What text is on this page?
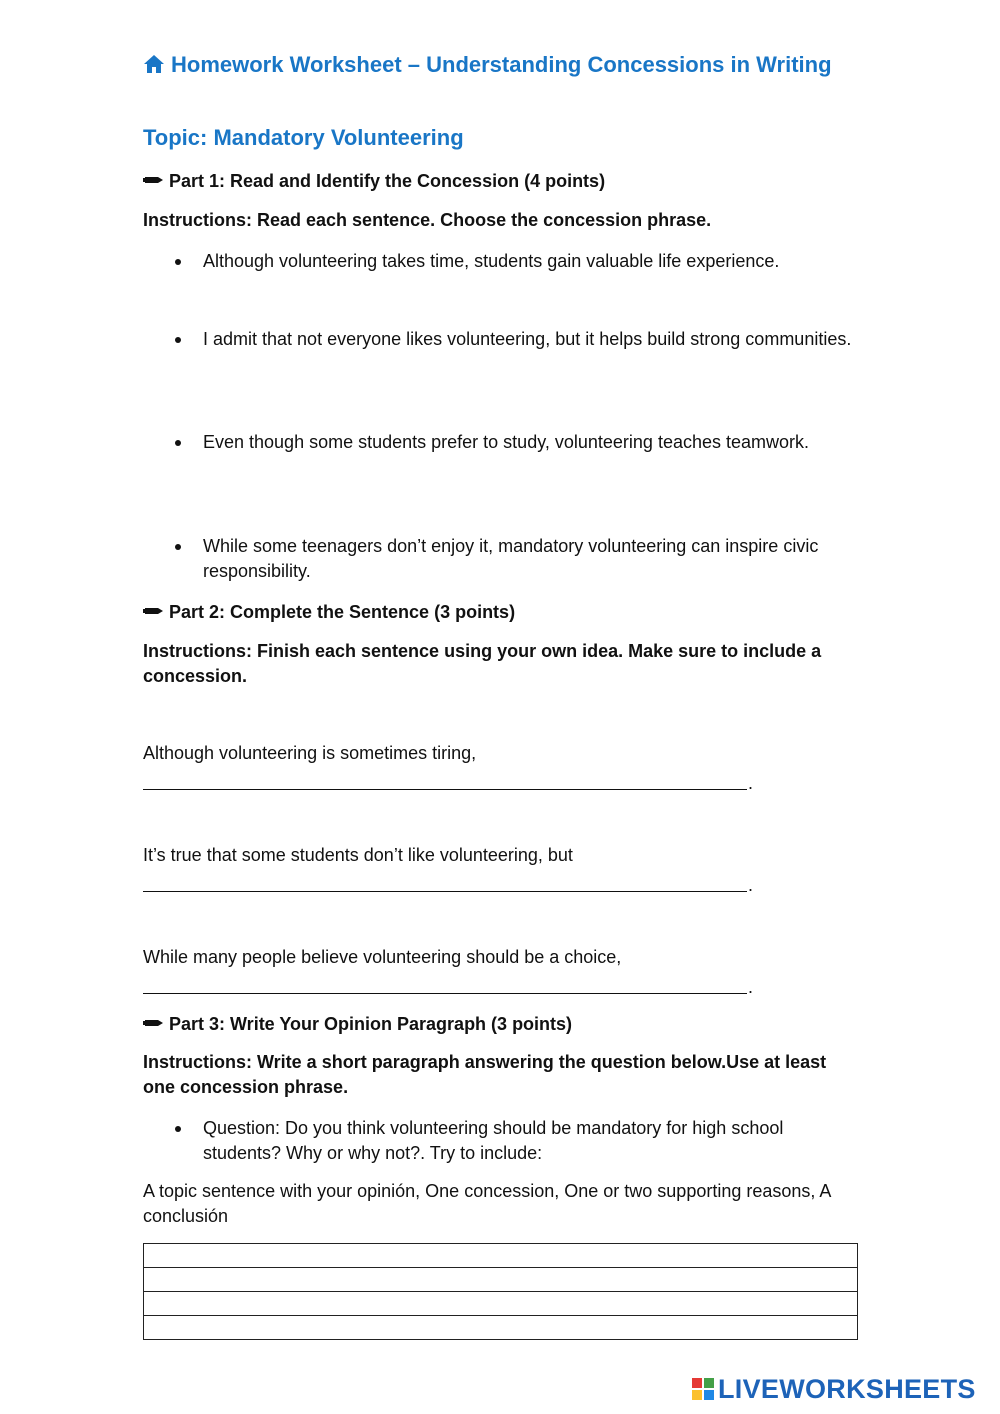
Homework Worksheet – Understanding Concessions in Writing
Topic: Mandatory Volunteering
Part 1: Read and Identify the Concession (4 points)
Instructions: Read each sentence. Choose the concession phrase.
Although volunteering takes time, students gain valuable life experience.
I admit that not everyone likes volunteering, but it helps build strong communities.
Even though some students prefer to study, volunteering teaches teamwork.
While some teenagers don’t enjoy it, mandatory volunteering can inspire civic responsibility.
Part 2: Complete the Sentence (3 points)
Instructions: Finish each sentence using your own idea. Make sure to include a concession.
Although volunteering is sometimes tiring,
.
It’s true that some students don’t like volunteering, but
.
While many people believe volunteering should be a choice,
.
Part 3: Write Your Opinion Paragraph (3 points)
Instructions: Write a short paragraph answering the question below.Use at least one concession phrase.
Question: Do you think volunteering should be mandatory for high school students? Why or why not?. Try to include:
A topic sentence with your opinión, One concession, One or two supporting reasons, A conclusión

LIVEWORKSHEETS
